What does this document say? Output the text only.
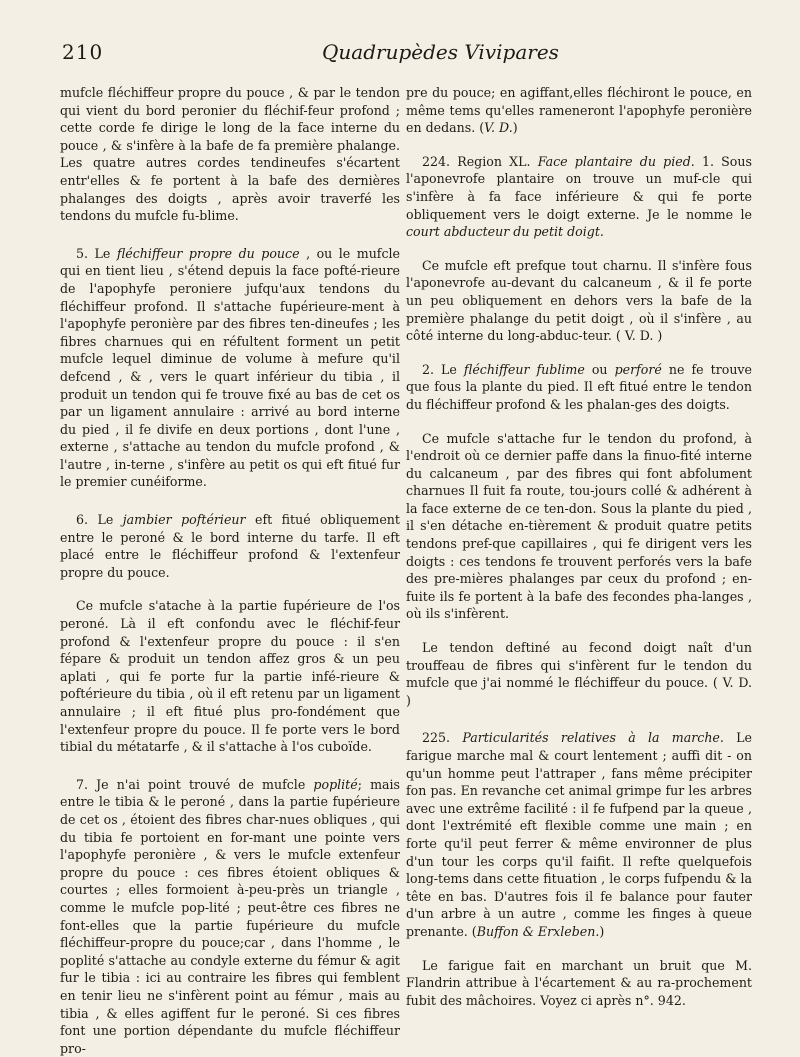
210	Quadrupèdes Vivipares

mufcle fléchiffeur propre du pouce , & par le tendon qui vient du bord peronier du fléchif-feur profond ; cette corde fe dirige le long de la face interne du pouce , & s'infère à la bafe de fa première phalange. Les quatre autres cordes tendineufes s'écartent entr'elles & fe portent à la bafe des dernières phalanges des doigts , après avoir traverfé les tendons du mufcle fu-blime.

5. Le fléchiffeur propre du pouce , ou le mufcle qui en tient lieu , s'étend depuis la face pofté-rieure de l'apophyfe peroniere jufqu'aux tendons du fléchiffeur profond. Il s'attache fupérieure-ment à l'apophyfe peronière par des fibres ten-dineufes ; les fibres charnues qui en réfultent forment un petit mufcle lequel diminue de volume à mefure qu'il defcend , & , vers le quart inférieur du tibia , il produit un tendon qui fe trouve fixé au bas de cet os par un ligament annulaire : arrivé au bord interne du pied , il fe divife en deux portions , dont l'une , externe , s'attache au tendon du mufcle profond , & l'autre , in-terne , s'infère au petit os qui eft fitué fur le premier cunéiforme.

6. Le jambier poftérieur eft fitué obliquement entre le peroné & le bord interne du tarfe. Il eft placé entre le fléchiffeur profond & l'extenfeur propre du pouce.

Ce mufcle s'atache à la partie fupérieure de l'os peroné. Là il eft confondu avec le fléchif-feur profond & l'extenfeur propre du pouce : il s'en fépare & produit un tendon affez gros & un peu aplati , qui fe porte fur la partie infé-rieure & poftérieure du tibia , où il eft retenu par un ligament annulaire ; il eft fitué plus pro-fondément que l'extenfeur propre du pouce. Il fe porte vers le bord tibial du métatarfe , & il s'attache à l'os cuboïde.

7. Je n'ai point trouvé de mufcle poplité; mais entre le tibia & le peroné , dans la partie fupérieure de cet os , étoient des fibres char-nues obliques , qui du tibia fe portoient en for-mant une pointe vers l'apophyfe peronière , & vers le mufcle extenfeur propre du pouce : ces fibres étoient obliques & courtes ; elles formoient à-peu-près un triangle , comme le mufcle pop-lité ; peut-être ces fibres ne font-elles que la partie fupérieure du mufcle fléchiffeur-propre du pouce;car , dans l'homme , le poplité s'attache au condyle externe du fémur & agit fur le tibia : ici au contraire les fibres qui femblent en tenir lieu ne s'infèrent point au fémur , mais au tibia , & elles agiffent fur le peroné. Si ces fibres font une portion dépendante du mufcle fléchiffeur pro-

pre du pouce; en agiffant,elles fléchiront le pouce, en même tems qu'elles rameneront l'apophyfe peronière en dedans. (V. D.)

224. Region XL. Face plantaire du pied. 1. Sous l'aponevrofe plantaire on trouve un muf-cle qui s'infère à fa face inférieure & qui fe porte obliquement vers le doigt externe. Je le nomme le court abducteur du petit doigt.

Ce mufcle eft prefque tout charnu. Il s'infère fous l'aponevrofe au-devant du calcaneum , & il fe porte un peu obliquement en dehors vers la bafe de la première phalange du petit doigt , où il s'infère , au côté interne du long-abduc-teur. ( V. D. )

2. Le fléchiffeur fublime ou perforé ne fe trouve que fous la plante du pied. Il eft fitué entre le tendon du fléchiffeur profond & les phalan-ges des doigts.

Ce mufcle s'attache fur le tendon du profond, à l'endroit où ce dernier paffe dans la finuo-fité interne du calcaneum , par des fibres qui font abfolument charnues Il fuit fa route, tou-jours collé & adhérent à la face externe de ce ten-don. Sous la plante du pied , il s'en détache en-tièrement & produit quatre petits tendons pref-que capillaires , qui fe dirigent vers les doigts : ces tendons fe trouvent perforés vers la bafe des pre-mières phalanges par ceux du profond ; en-fuite ils fe portent à la bafe des fecondes pha-langes , où ils s'infèrent.

Le tendon deftiné au fecond doigt naît d'un trouffeau de fibres qui s'infèrent fur le tendon du mufcle que j'ai nommé le fléchiffeur du pouce. ( V. D. )

225. Particularités relatives à la marche. Le farigue marche mal & court lentement ; auffi dit - on qu'un homme peut l'attraper , fans même précipiter fon pas. En revanche cet animal grimpe fur les arbres avec une extrême facilité : il fe fufpend par la queue , dont l'extrémité eft flexible comme une main ; en forte qu'il peut ferrer & même environner de plus d'un tour les corps qu'il faifit. Il refte quelquefois long-tems dans cette fituation , le corps fufpendu & la tête en bas. D'autres fois il fe balance pour fauter d'un arbre à un autre , comme les finges à queue prenante. (Buffon & Erxleben.)

Le farigue fait en marchant un bruit que M. Flandrin attribue à l'écartement & au ra-prochement fubit des mâchoires. Voyez ci après n°. 942.
